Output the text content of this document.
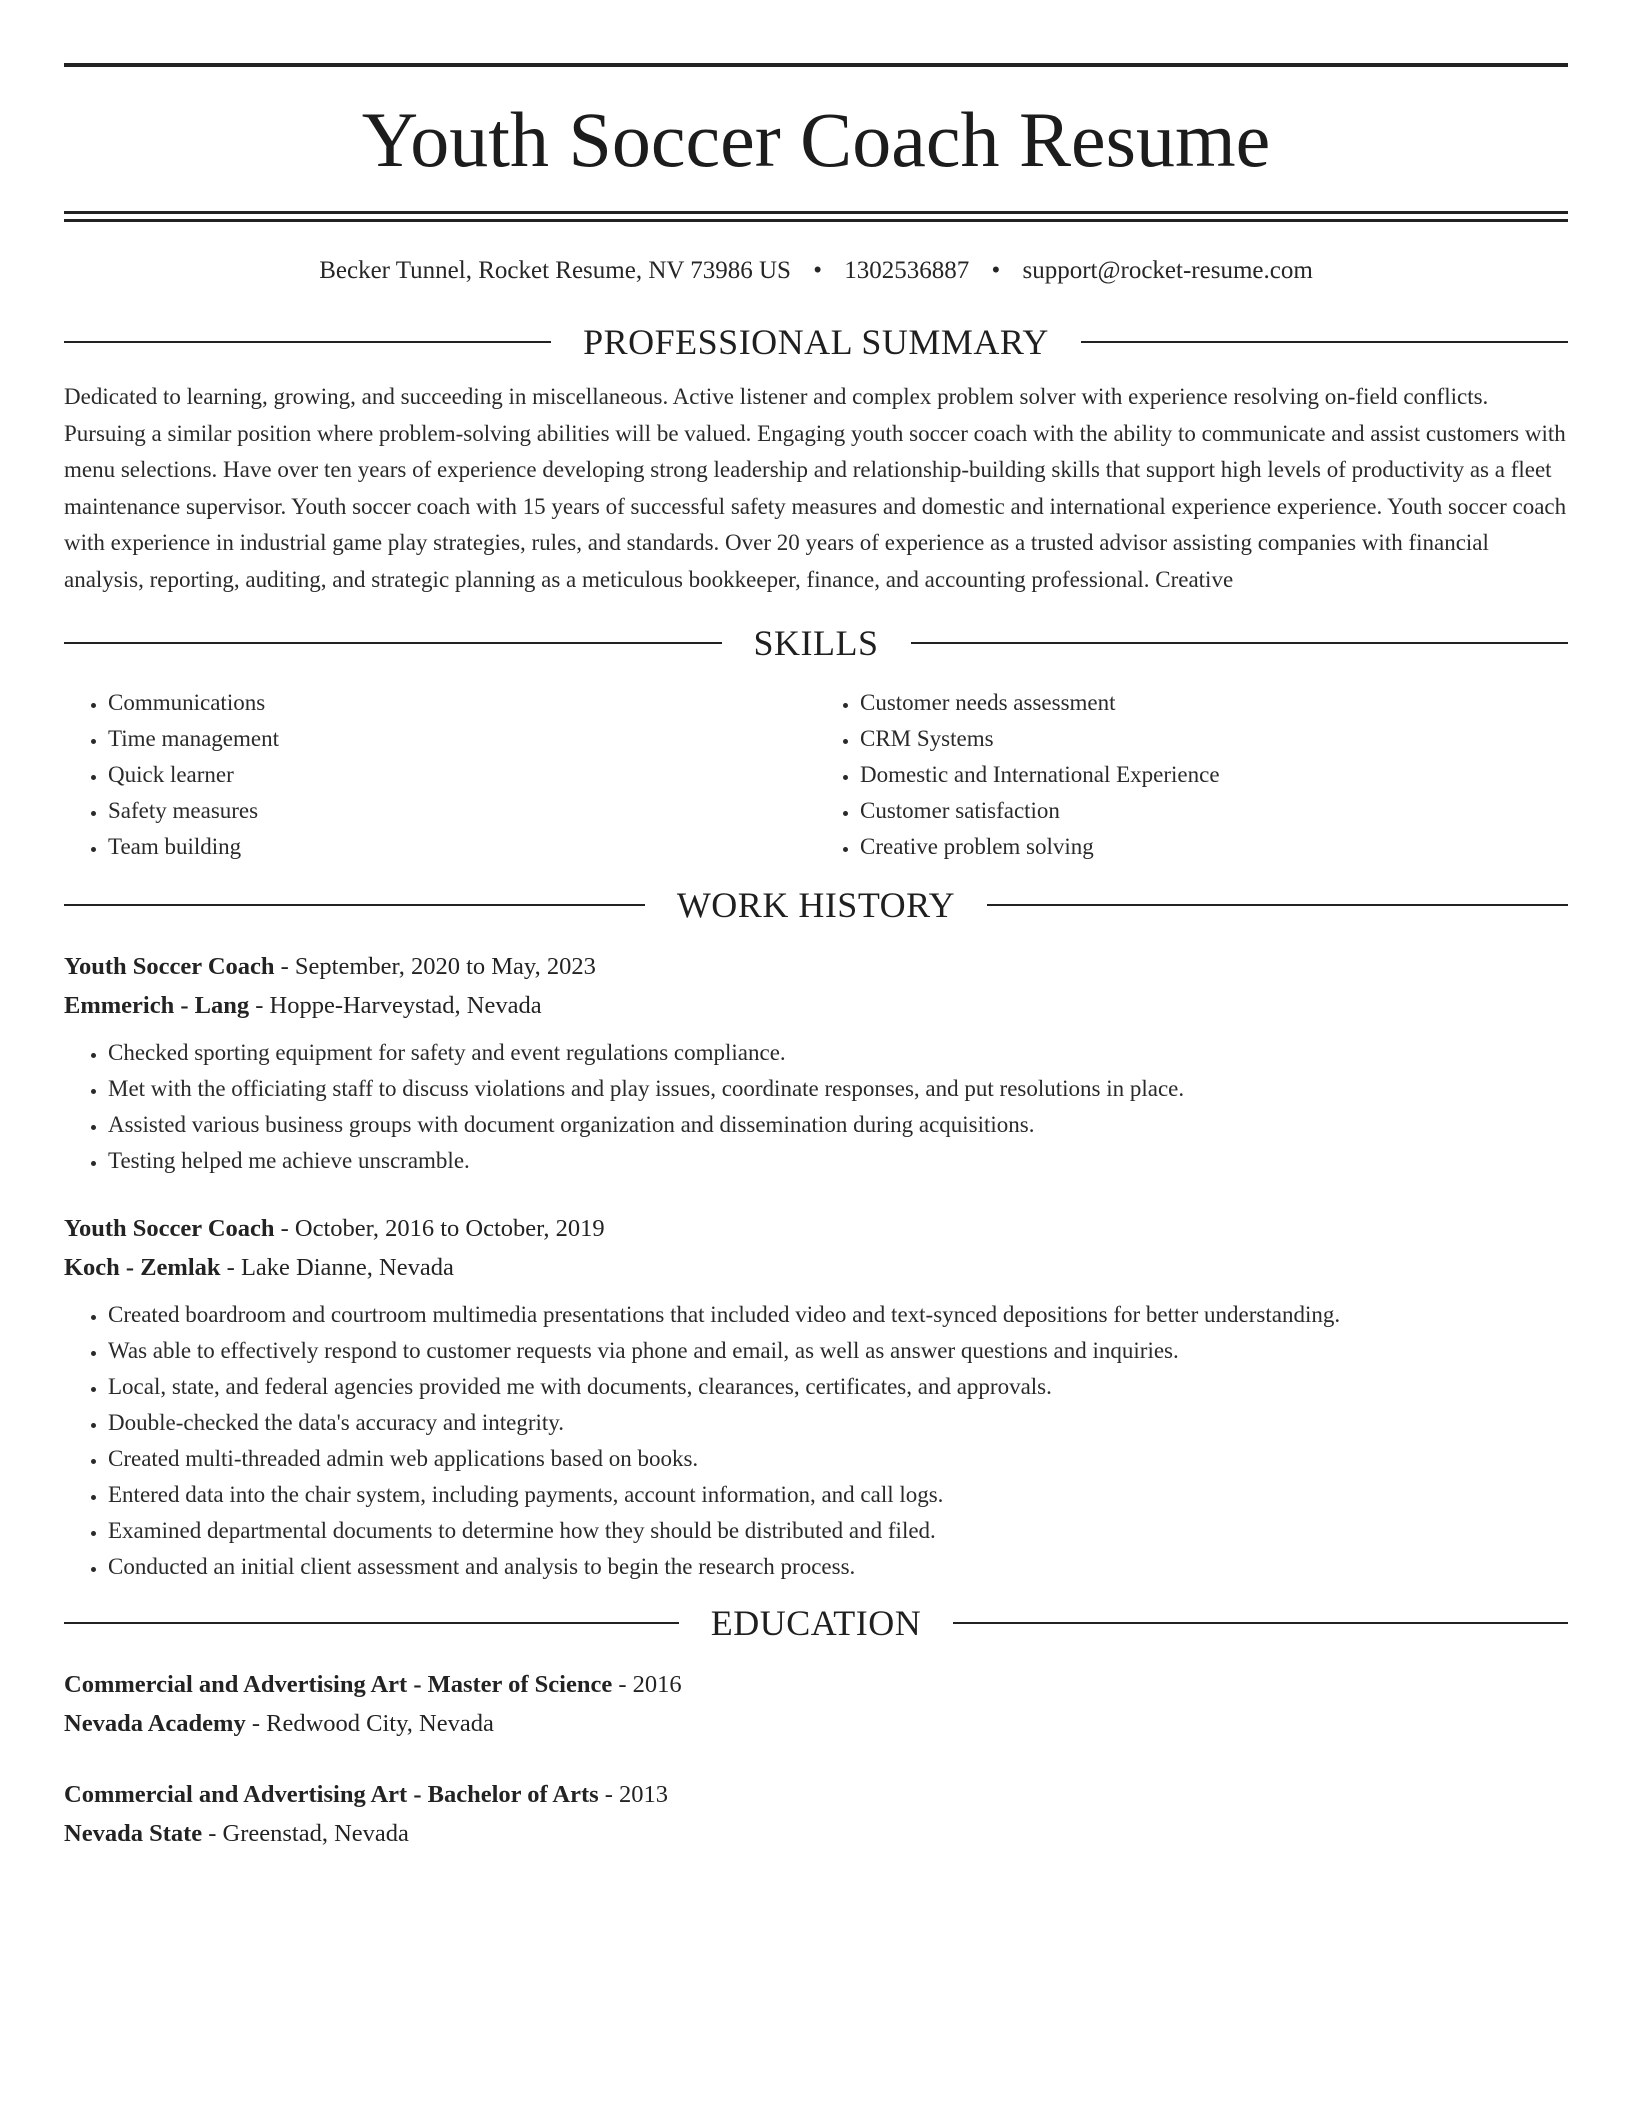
Youth Soccer Coach Resume
Becker Tunnel, Rocket Resume, NV 73986 US • 1302536887 • support@rocket-resume.com
PROFESSIONAL SUMMARY

Dedicated to learning, growing, and succeeding in miscellaneous. Active listener and complex problem solver with experience resolving on-field conflicts. Pursuing a similar position where problem-solving abilities will be valued. Engaging youth soccer coach with the ability to communicate and assist customers with menu selections. Have over ten years of experience developing strong leadership and relationship-building skills that support high levels of productivity as a fleet maintenance supervisor. Youth soccer coach with 15 years of successful safety measures and domestic and international experience experience. Youth soccer coach with experience in industrial game play strategies, rules, and standards. Over 20 years of experience as a trusted advisor assisting companies with financial analysis, reporting, auditing, and strategic planning as a meticulous bookkeeper, finance, and accounting professional. Creative

SKILLS
• Communications
• Time management
• Quick learner
• Safety measures
• Team building
• Customer needs assessment
• CRM Systems
• Domestic and International Experience
• Customer satisfaction
• Creative problem solving
WORK HISTORY
Youth Soccer Coach - September, 2020 to May, 2023
Emmerich - Lang - Hoppe-Harveystad, Nevada
• Checked sporting equipment for safety and event regulations compliance.
• Met with the officiating staff to discuss violations and play issues, coordinate responses, and put resolutions in place.
• Assisted various business groups with document organization and dissemination during acquisitions.
• Testing helped me achieve unscramble.
Youth Soccer Coach - October, 2016 to October, 2019
Koch - Zemlak - Lake Dianne, Nevada
• Created boardroom and courtroom multimedia presentations that included video and text-synced depositions for better understanding.
• Was able to effectively respond to customer requests via phone and email, as well as answer questions and inquiries.
• Local, state, and federal agencies provided me with documents, clearances, certificates, and approvals.
• Double-checked the data's accuracy and integrity.
• Created multi-threaded admin web applications based on books.
• Entered data into the chair system, including payments, account information, and call logs.
• Examined departmental documents to determine how they should be distributed and filed.
• Conducted an initial client assessment and analysis to begin the research process.
EDUCATION
Commercial and Advertising Art - Master of Science - 2016
Nevada Academy - Redwood City, Nevada
Commercial and Advertising Art - Bachelor of Arts - 2013
Nevada State - Greenstad, Nevada
